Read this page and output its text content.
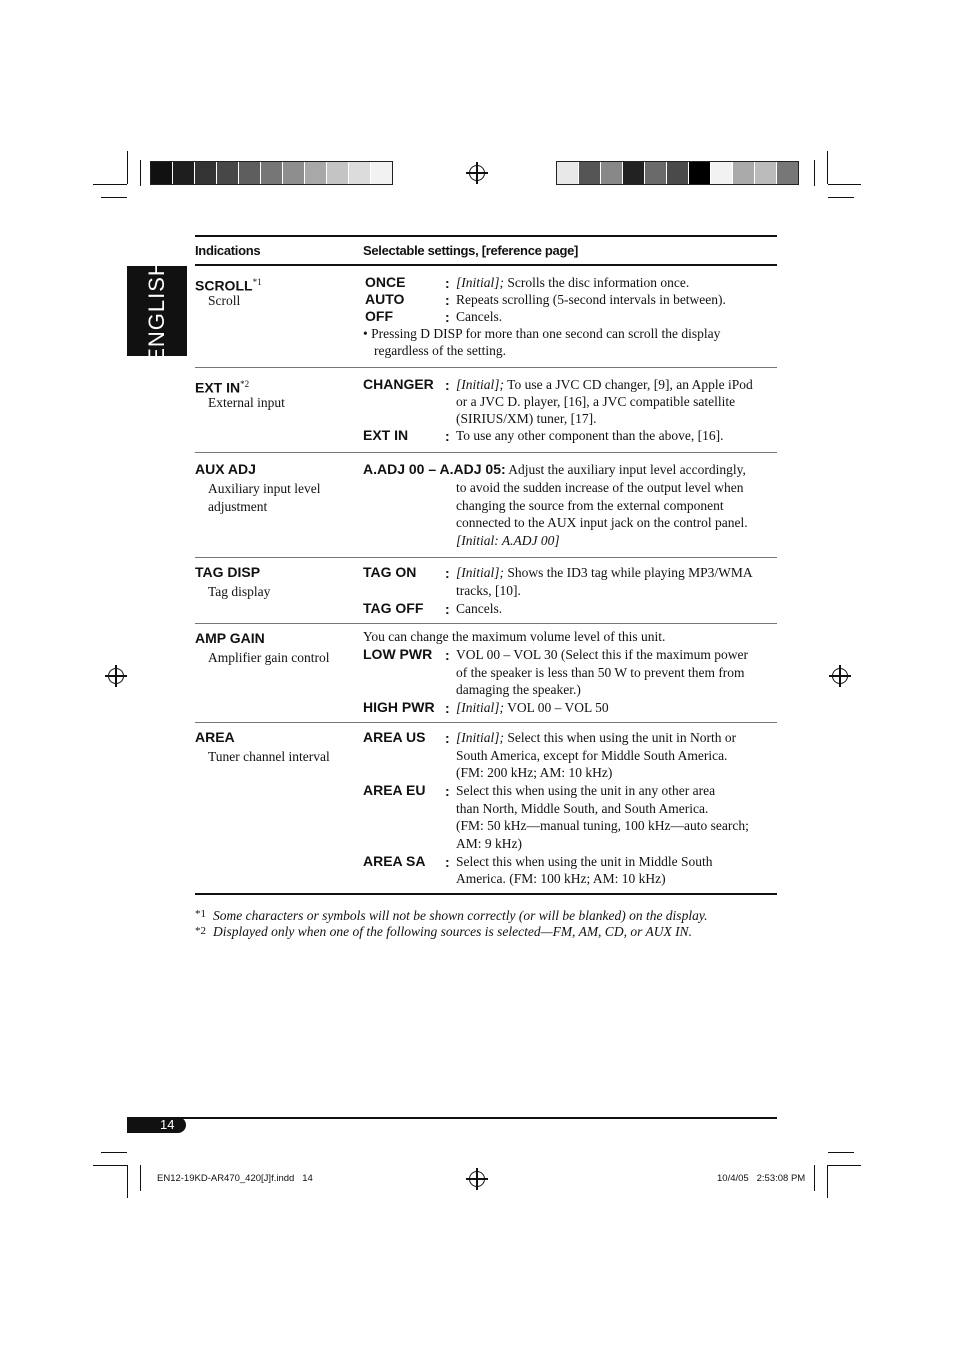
ENGLISH
Indications	Selectable settings, [reference page]
SCROLL$^{*1}$
Scroll
ONCE	: [Initial]; Scrolls the disc information once.
AUTO	: Repeats scrolling (5-second intervals in between).
OFF	: Cancels.
• Pressing D DISP for more than one second can scroll the display
regardless of the setting.
EXT IN$^{*2}$
External input
CHANGER : [Initial]; To use a JVC CD changer, [9], an Apple iPod
or a JVC D. player, [16], a JVC compatible satellite
(SIRIUS/XM) tuner, [17].
EXT IN	: To use any other component than the above, [16].
AUX ADJ
Auxiliary input level
adjustment
A.ADJ 00 – A.ADJ 05: Adjust the auxiliary input level accordingly,
to avoid the sudden increase of the output level when
changing the source from the external component
connected to the AUX input jack on the control panel.
[Initial: A.ADJ 00]
TAG DISP
Tag display
TAG ON : [Initial]; Shows the ID3 tag while playing MP3/WMA
tracks, [10].
TAG OFF : Cancels.
AMP GAIN
Amplifier gain control
You can change the maximum volume level of this unit.
LOW PWR : VOL 00 – VOL 30 (Select this if the maximum power
of the speaker is less than 50 W to prevent them from
damaging the speaker.)
HIGH PWR : [Initial]; VOL 00 – VOL 50
AREA
Tuner channel interval
AREA US : [Initial]; Select this when using the unit in North or
South America, except for Middle South America.
(FM: 200 kHz; AM: 10 kHz)
AREA EU : Select this when using the unit in any other area
than North, Middle South, and South America.
(FM: 50 kHz—manual tuning, 100 kHz—auto search;
AM: 9 kHz)
AREA SA : Select this when using the unit in Middle South
America. (FM: 100 kHz; AM: 10 kHz)
*1 Some characters or symbols will not be shown correctly (or will be blanked) on the display.
*2 Displayed only when one of the following sources is selected—FM, AM, CD, or AUX IN.
14
EN12-19KD-AR470_420[J]f.indd   14	10/4/05   2:53:08 PM
